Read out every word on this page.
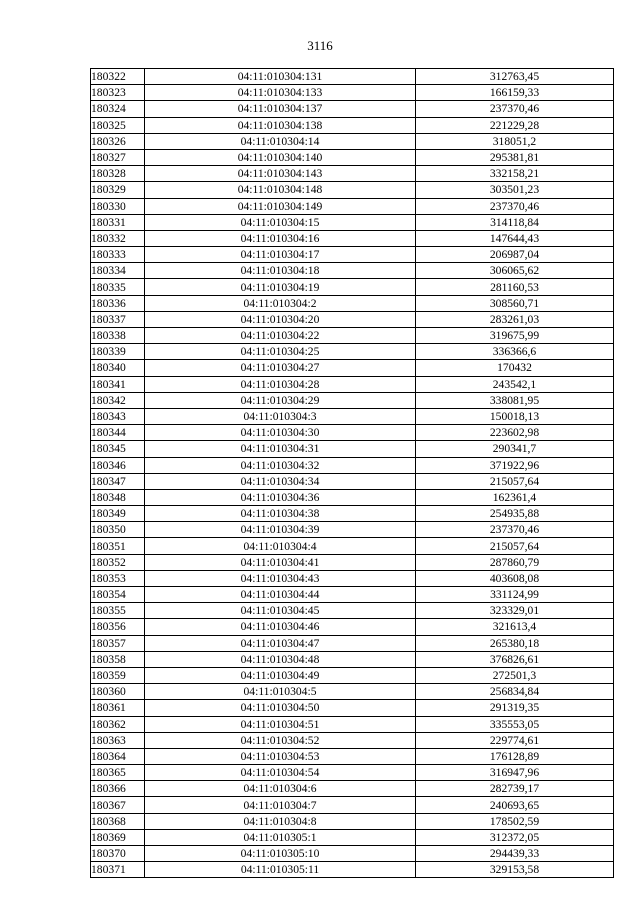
3116
180322	04:11:010304:131	312763,45
180323	04:11:010304:133	166159,33
180324	04:11:010304:137	237370,46
180325	04:11:010304:138	221229,28
180326	04:11:010304:14	318051,2
180327	04:11:010304:140	295381,81
180328	04:11:010304:143	332158,21
180329	04:11:010304:148	303501,23
180330	04:11:010304:149	237370,46
180331	04:11:010304:15	314118,84
180332	04:11:010304:16	147644,43
180333	04:11:010304:17	206987,04
180334	04:11:010304:18	306065,62
180335	04:11:010304:19	281160,53
180336	04:11:010304:2	308560,71
180337	04:11:010304:20	283261,03
180338	04:11:010304:22	319675,99
180339	04:11:010304:25	336366,6
180340	04:11:010304:27	170432
180341	04:11:010304:28	243542,1
180342	04:11:010304:29	338081,95
180343	04:11:010304:3	150018,13
180344	04:11:010304:30	223602,98
180345	04:11:010304:31	290341,7
180346	04:11:010304:32	371922,96
180347	04:11:010304:34	215057,64
180348	04:11:010304:36	162361,4
180349	04:11:010304:38	254935,88
180350	04:11:010304:39	237370,46
180351	04:11:010304:4	215057,64
180352	04:11:010304:41	287860,79
180353	04:11:010304:43	403608,08
180354	04:11:010304:44	331124,99
180355	04:11:010304:45	323329,01
180356	04:11:010304:46	321613,4
180357	04:11:010304:47	265380,18
180358	04:11:010304:48	376826,61
180359	04:11:010304:49	272501,3
180360	04:11:010304:5	256834,84
180361	04:11:010304:50	291319,35
180362	04:11:010304:51	335553,05
180363	04:11:010304:52	229774,61
180364	04:11:010304:53	176128,89
180365	04:11:010304:54	316947,96
180366	04:11:010304:6	282739,17
180367	04:11:010304:7	240693,65
180368	04:11:010304:8	178502,59
180369	04:11:010305:1	312372,05
180370	04:11:010305:10	294439,33
180371	04:11:010305:11	329153,58
